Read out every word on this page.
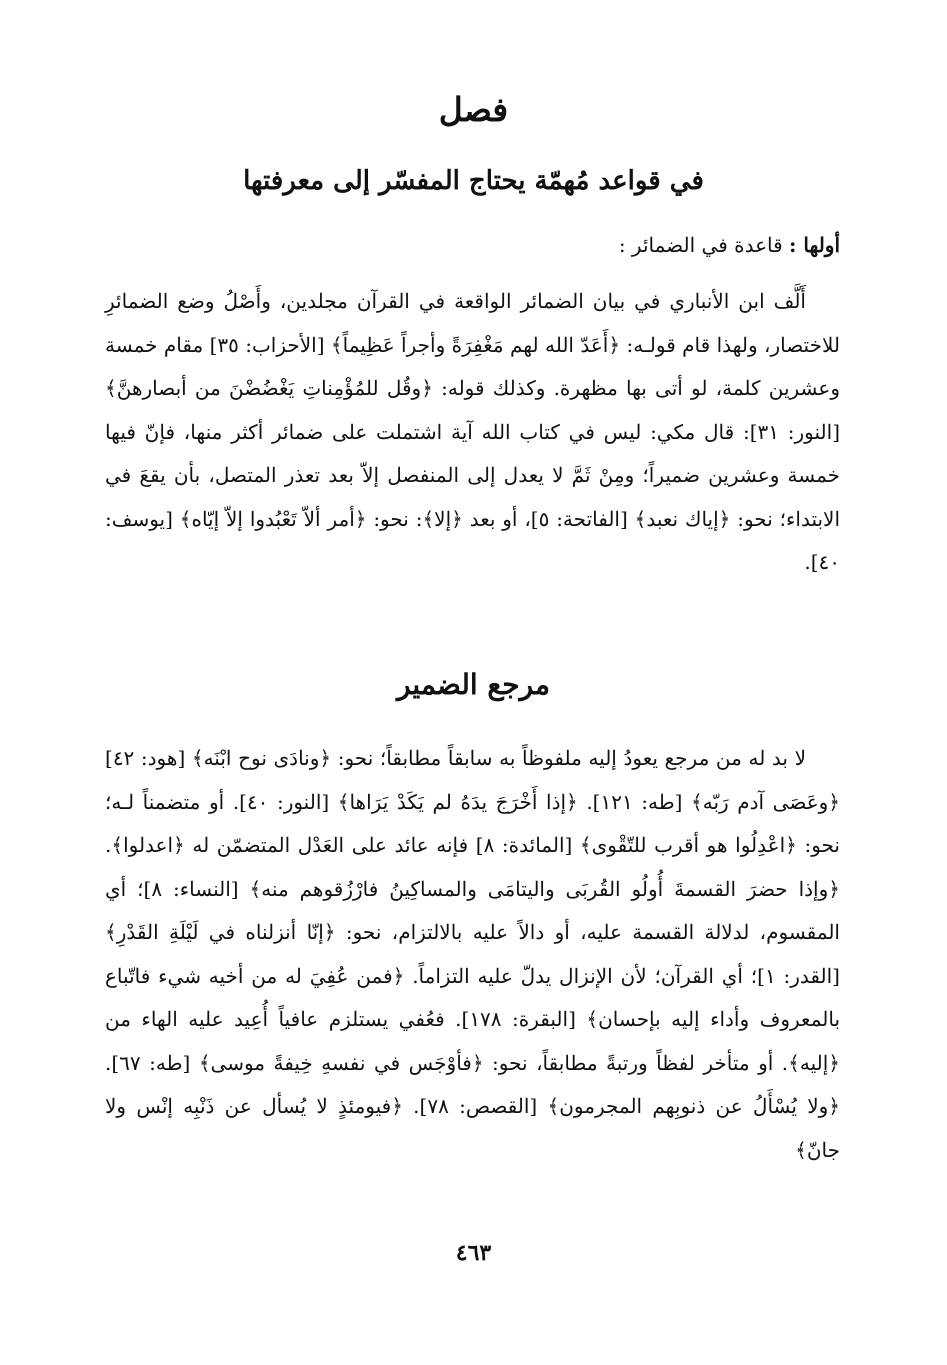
فصل
في قواعد مُهمّة يحتاج المفسّر إلى معرفتها

أولها : قاعدة في الضمائر :

أَلَّف ابن الأنباري في بيان الضمائر الواقعة في القرآن مجلدين، وأَصْلُ وضع الضمائرِ للاختصار، ولهذا قام قولـه: ﴿أَعَدّ الله لهم مَغْفِرَةً وأجراً عَظِيماً﴾ [الأحزاب: ٣٥] مقام خمسة وعشرين كلمة، لو أتى بها مظهرة. وكذلك قوله: ﴿وقُل للمُؤْمِناتِ يَغْضُضْنَ من أبصارهنَّ﴾ [النور: ٣١]: قال مكي: ليس في كتاب الله آية اشتملت على ضمائر أكثر منها، فإنّ فيها خمسة وعشرين ضميراً؛ ومِنْ ثَمَّ لا يعدل إلى المنفصل إلاّ بعد تعذر المتصل، بأن يقعَ في الابتداء؛ نحو: ﴿إياك نعبد﴾ [الفاتحة: ٥]، أو بعد ﴿إلا﴾: نحو: ﴿أمر ألاّ تَعْبُدوا إلاّ إيّاه﴾ [يوسف: ٤٠].

مرجع الضمير

لا بد له من مرجع يعودُ إليه ملفوظاً به سابقاً مطابقاً؛ نحو: ﴿ونادَى نوح ابْنَه﴾ [هود: ٤٢] ﴿وعَصَى آدم رَبّه﴾ [طه: ١٢١]. ﴿إذا أَخْرَجَ يدَهُ لم يَكَدْ يَرَاها﴾ [النور: ٤٠]. أو متضمناً لـه؛ نحو: ﴿اعْدِلُوا هو أقرب للتّقْوى﴾ [المائدة: ٨] فإنه عائد على العَدْل المتضمّن له ﴿اعدلوا﴾. ﴿وإذا حضرَ القسمةَ أُولُو القُربَى واليتامَى والمساكِينُ فارْزُقوهم منه﴾ [النساء: ٨]؛ أي المقسوم، لدلالة القسمة عليه، أو دالاً عليه بالالتزام، نحو: ﴿إنّا أنزلناه في لَيْلَةِ القَدْرِ﴾ [القدر: ١]؛ أي القرآن؛ لأن الإنزال يدلّ عليه التزاماً. ﴿فمن عُفِيَ له من أخيه شيء فاتّباع بالمعروف وأداء إليه بإحسان﴾ [البقرة: ١٧٨]. فعُفي يستلزم عافياً أُعِيد عليه الهاء من ﴿إليه﴾. أو متأخر لفظاً ورتبةً مطابقاً، نحو: ﴿فأوْجَس في نفسهِ خِيفةً موسى﴾ [طه: ٦٧]. ﴿ولا يُسْأَلُ عن ذنوبِهم المجرمون﴾ [القصص: ٧٨]. ﴿فيومئذٍ لا يُسأل عن ذَنْبِه إنْس ولا جانّ﴾

٤٦٣
